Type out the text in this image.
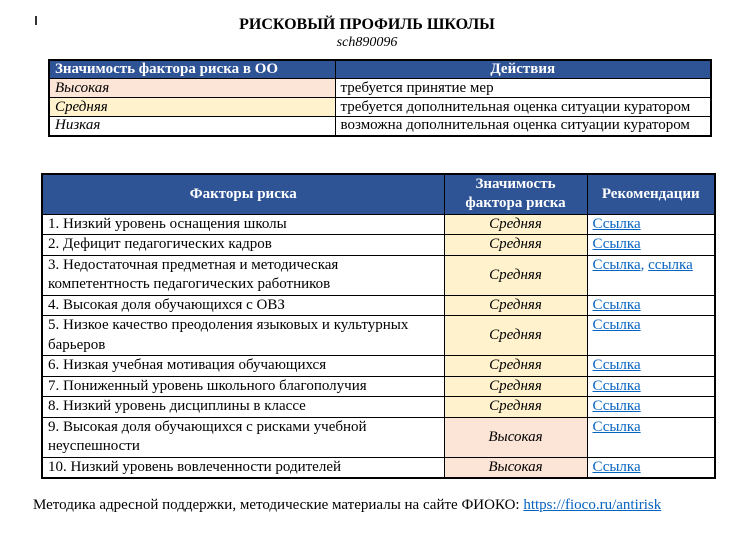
РИСКОВЫЙ ПРОФИЛЬ ШКОЛЫ
sch890096
Значимость фактора риска в ОО	Действия
Высокая	требуется принятие мер
Средняя	требуется дополнительная оценка ситуации куратором
Низкая	возможна дополнительная оценка ситуации куратором
Факторы риска	Значимость фактора риска	Рекомендации
1. Низкий уровень оснащения школы	Средняя	Ссылка
2. Дефицит педагогических кадров	Средняя	Ссылка
3. Недостаточная предметная и методическая компетентность педагогических работников	Средняя	Ссылка, ссылка
4. Высокая доля обучающихся с ОВЗ	Средняя	Ссылка
5. Низкое качество преодоления языковых и культурных барьеров	Средняя	Ссылка
6. Низкая учебная мотивация обучающихся	Средняя	Ссылка
7. Пониженный уровень школьного благополучия	Средняя	Ссылка
8. Низкий уровень дисциплины в классе	Средняя	Ссылка
9. Высокая доля обучающихся с рисками учебной неуспешности	Высокая	Ссылка
10. Низкий уровень вовлеченности родителей	Высокая	Ссылка
Методика адресной поддержки, методические материалы на сайте ФИОКО: https://fioco.ru/antirisk
